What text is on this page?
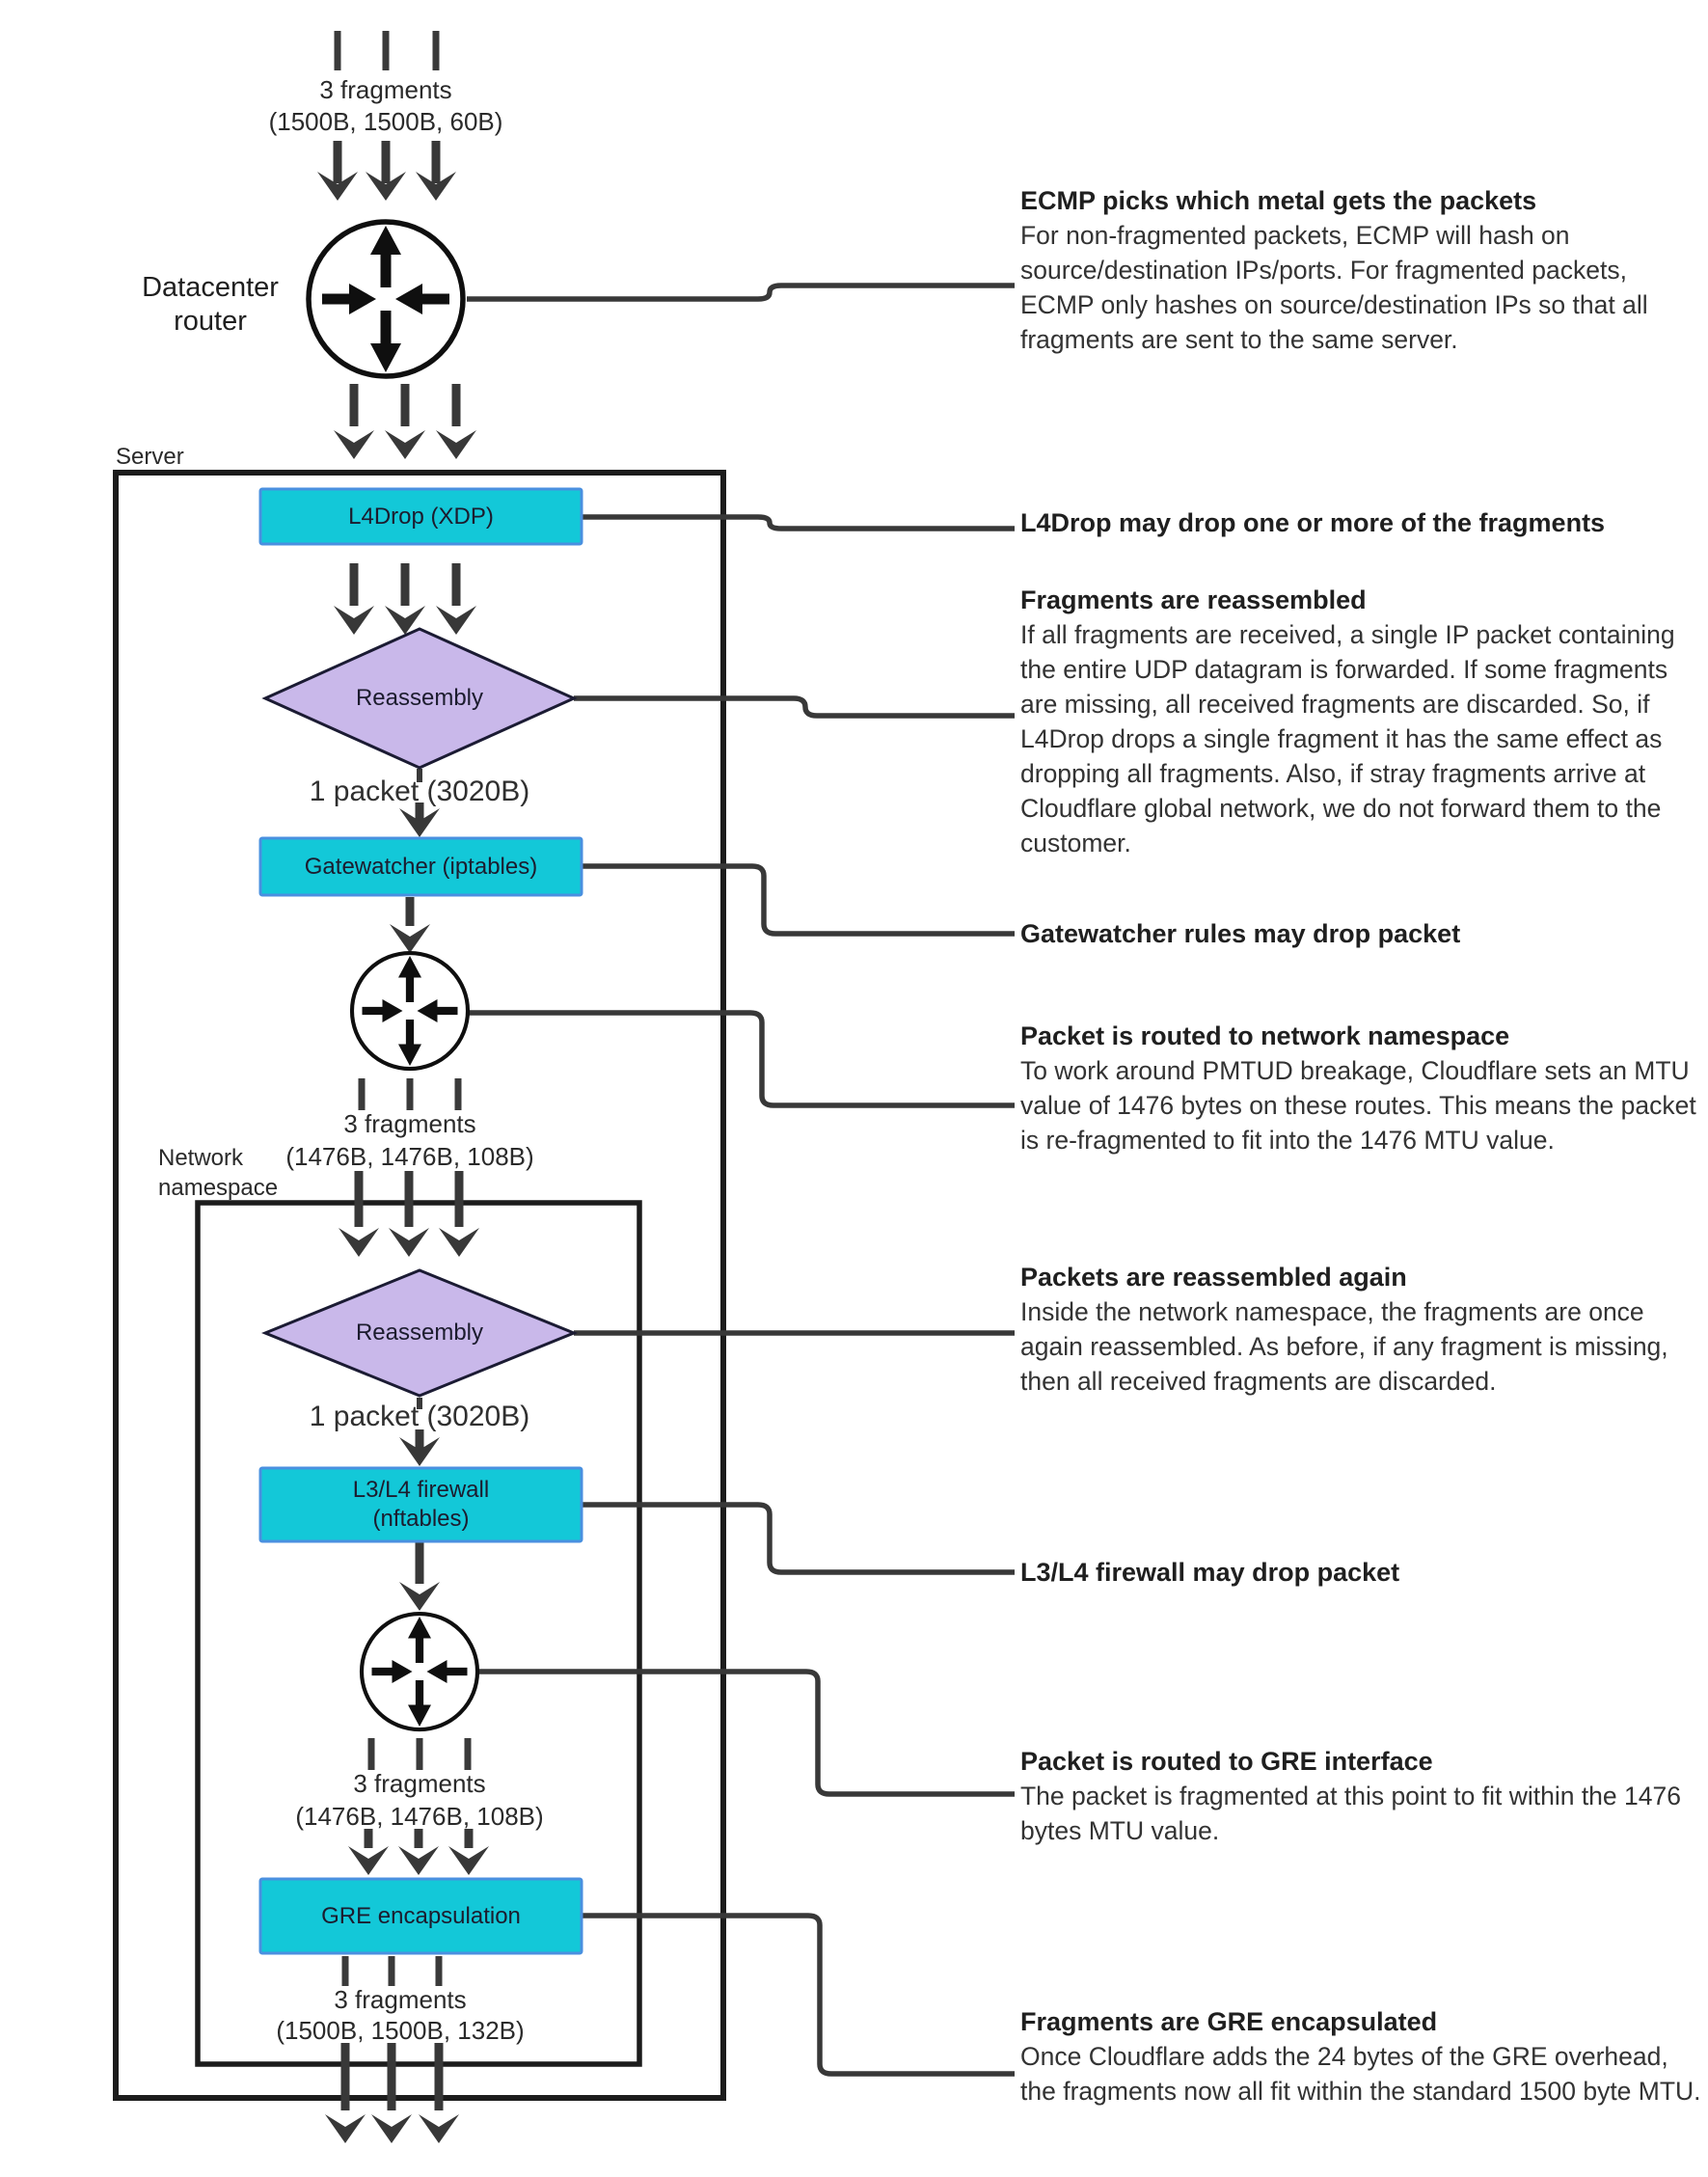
3 fragments
(1500B, 1500B, 60B)
Datacenter router
Server
L4Drop (XDP)
Reassembly
1 packet (3020B)
Gatewatcher (iptables)
3 fragments
(1476B, 1476B, 108B)
Network namespace
Reassembly
1 packet (3020B)
L3/L4 firewall
(nftables)
3 fragments
(1476B, 1476B, 108B)
GRE encapsulation
3 fragments
(1500B, 1500B, 132B)
ECMP picks which metal gets the packets

For non-fragmented packets, ECMP will hash on source/destination IPs/ports. For fragmented packets, ECMP only hashes on source/destination IPs so that all fragments are sent to the same server.

L4Drop may drop one or more of the fragments
Fragments are reassembled

If all fragments are received, a single IP packet containing the entire UDP datagram is forwarded. If some fragments are missing, all received fragments are discarded. So, if L4Drop drops a single fragment it has the same effect as dropping all fragments. Also, if stray fragments arrive at Cloudflare global network, we do not forward them to the customer.

Gatewatcher rules may drop packet
Packet is routed to network namespace

To work around PMTUD breakage, Cloudflare sets an MTU value of 1476 bytes on these routes. This means the packet is re-fragmented to fit into the 1476 MTU value.

Packets are reassembled again

Inside the network namespace, the fragments are once again reassembled. As before, if any fragment is missing, then all received fragments are discarded.

L3/L4 firewall may drop packet
Packet is routed to GRE interface

The packet is fragmented at this point to fit within the 1476 bytes MTU value.

Fragments are GRE encapsulated

Once Cloudflare adds the 24 bytes of the GRE overhead, the fragments now all fit within the standard 1500 byte MTU.
